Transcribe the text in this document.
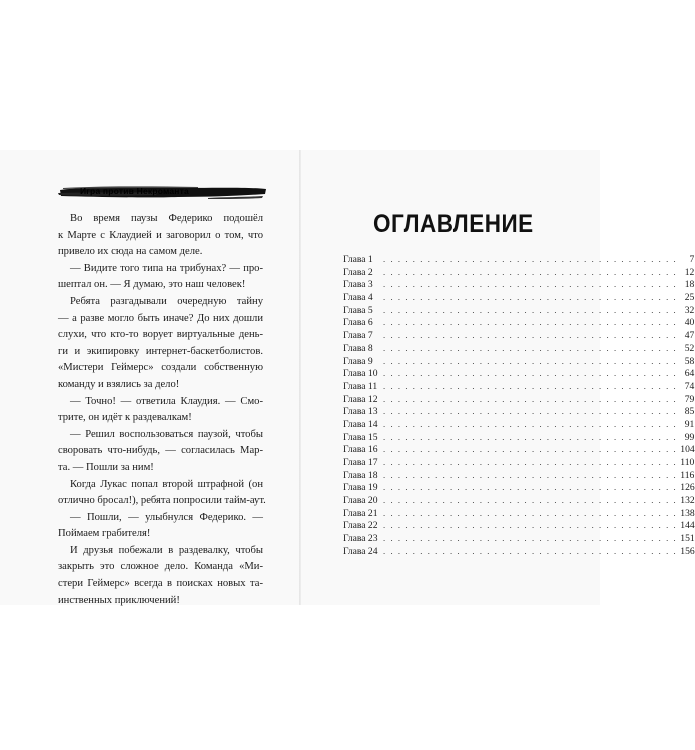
Игра против Некроманта
Во время паузы Федерико подошёл
к Марте с Клаудией и заговорил о том, что
привело их сюда на самом деле.
— Видите того типа на трибунах? — про-
шептал он. — Я думаю, это наш человек!
Ребята разгадывали очередную тайну
— а разве могло быть иначе? До них дошли
слухи, что кто-то ворует виртуальные день-
ги и экипировку интернет-баскетболистов.
«Мистери Геймерс» создали собственную
команду и взялись за дело!
— Точно! — ответила Клаудия. — Смо-
трите, он идёт к раздевалкам!
— Решил воспользоваться паузой, чтобы
своровать что-нибудь, — согласилась Мар-
та. — Пошли за ним!
Когда Лукас попал второй штрафной (он
отлично бросал!), ребята попросили тайм-аут.
— Пошли, — улыбнулся Федерико. —
Поймаем грабителя!
И друзья побежали в раздевалку, чтобы
закрыть это сложное дело. Команда «Ми-
стери Геймерс» всегда в поисках новых та-
инственных приключений!
ОГЛАВЛЕНИЕ
Глава 1	. . . . . . . . . . . . . . . . . . . . . . . . . . . . . . . . . . . . . . . .	7
Глава 2	. . . . . . . . . . . . . . . . . . . . . . . . . . . . . . . . . . . . . . . . 12
Глава 3	. . . . . . . . . . . . . . . . . . . . . . . . . . . . . . . . . . . . . . . . 18
Глава 4	. . . . . . . . . . . . . . . . . . . . . . . . . . . . . . . . . . . . . . . . 25
Глава 5	. . . . . . . . . . . . . . . . . . . . . . . . . . . . . . . . . . . . . . . . 32
Глава 6	. . . . . . . . . . . . . . . . . . . . . . . . . . . . . . . . . . . . . . . . 40
Глава 7	. . . . . . . . . . . . . . . . . . . . . . . . . . . . . . . . . . . . . . . . 47
Глава 8	. . . . . . . . . . . . . . . . . . . . . . . . . . . . . . . . . . . . . . . . 52
Глава 9	. . . . . . . . . . . . . . . . . . . . . . . . . . . . . . . . . . . . . . . . 58
Глава 10 . . . . . . . . . . . . . . . . . . . . . . . . . . . . . . . . . . . . . . . . 64
Глава 11 . . . . . . . . . . . . . . . . . . . . . . . . . . . . . . . . . . . . . . . . 74
Глава 12 . . . . . . . . . . . . . . . . . . . . . . . . . . . . . . . . . . . . . . . . 79
Глава 13 . . . . . . . . . . . . . . . . . . . . . . . . . . . . . . . . . . . . . . . . 85
Глава 14 . . . . . . . . . . . . . . . . . . . . . . . . . . . . . . . . . . . . . . . . 91
Глава 15 . . . . . . . . . . . . . . . . . . . . . . . . . . . . . . . . . . . . . . . . 99
Глава 16 . . . . . . . . . . . . . . . . . . . . . . . . . . . . . . . . . . . . . . . . 104
Глава 17 . . . . . . . . . . . . . . . . . . . . . . . . . . . . . . . . . . . . . . . . 110
Глава 18 . . . . . . . . . . . . . . . . . . . . . . . . . . . . . . . . . . . . . . . . 116
Глава 19 . . . . . . . . . . . . . . . . . . . . . . . . . . . . . . . . . . . . . . . . 126
Глава 20 . . . . . . . . . . . . . . . . . . . . . . . . . . . . . . . . . . . . . . . . 132
Глава 21 . . . . . . . . . . . . . . . . . . . . . . . . . . . . . . . . . . . . . . . . 138
Глава 22 . . . . . . . . . . . . . . . . . . . . . . . . . . . . . . . . . . . . . . . . 144
Глава 23 . . . . . . . . . . . . . . . . . . . . . . . . . . . . . . . . . . . . . . . . 151
Глава 24 . . . . . . . . . . . . . . . . . . . . . . . . . . . . . . . . . . . . . . . . 156
